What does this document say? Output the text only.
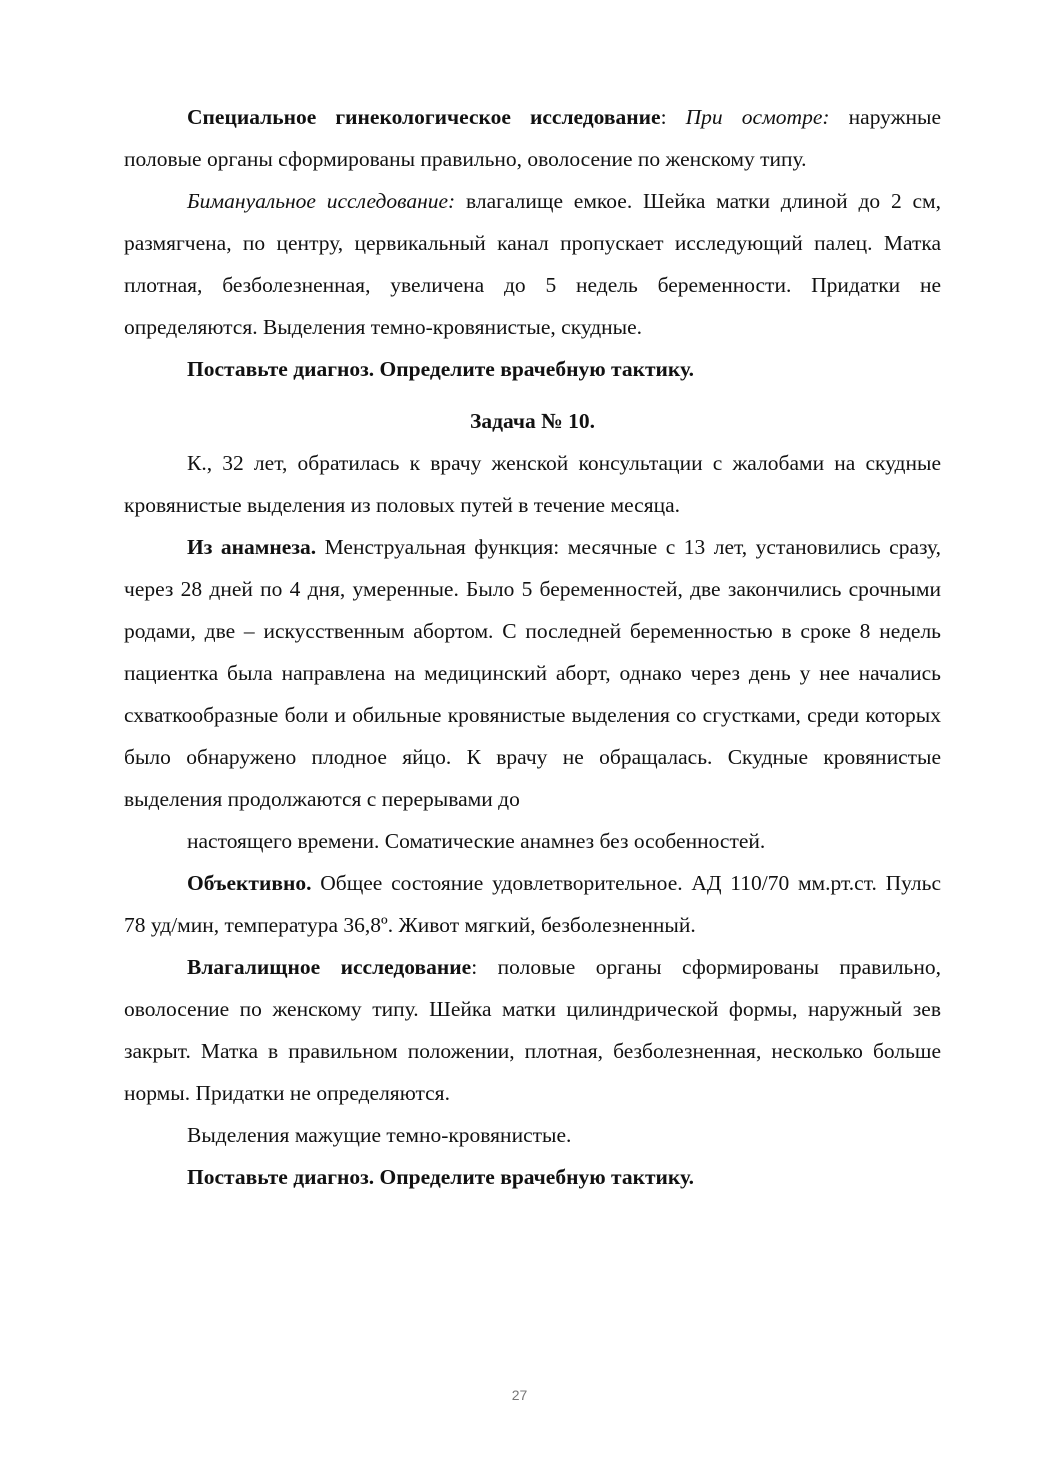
Специальное гинекологическое исследование: При осмотре: наружные половые органы сформированы правильно, оволосение по женскому типу.

Бимануальное исследование: влагалище емкое. Шейка матки длиной до 2 см, размягчена, по центру, цервикальный канал пропускает исследующий палец. Матка плотная, безболезненная, увеличена до 5 недель беременности. Придатки не определяются. Выделения темно-кровянистые, скудные.

Поставьте диагноз. Определите врачебную тактику.

Задача № 10.

К., 32 лет, обратилась к врачу женской консультации с жалобами на скудные кровянистые выделения из половых путей в течение месяца.

Из анамнеза. Менструальная функция: месячные с 13 лет, установились сразу, через 28 дней по 4 дня, умеренные. Было 5 беременностей, две закончились срочными родами, две – искусственным абортом. С последней беременностью в сроке 8 недель пациентка была направлена на медицинский аборт, однако через день у нее начались схваткообразные боли и обильные кровянистые выделения со сгустками, среди которых было обнаружено плодное яйцо. К врачу не обращалась. Скудные кровянистые выделения продолжаются с перерывами до
настоящего времени. Соматические анамнез без особенностей.

Объективно. Общее состояние удовлетворительное. АД 110/70 мм.рт.ст. Пульс 78 уд/мин, температура 36,8º. Живот мягкий, безболезненный.

Влагалищное исследование: половые органы сформированы правильно, оволосение по женскому типу. Шейка матки цилиндрической формы, наружный зев закрыт. Матка в правильном положении, плотная, безболезненная, несколько больше нормы. Придатки не определяются.
Выделения мажущие темно-кровянистые.

Поставьте диагноз. Определите врачебную тактику.

27
